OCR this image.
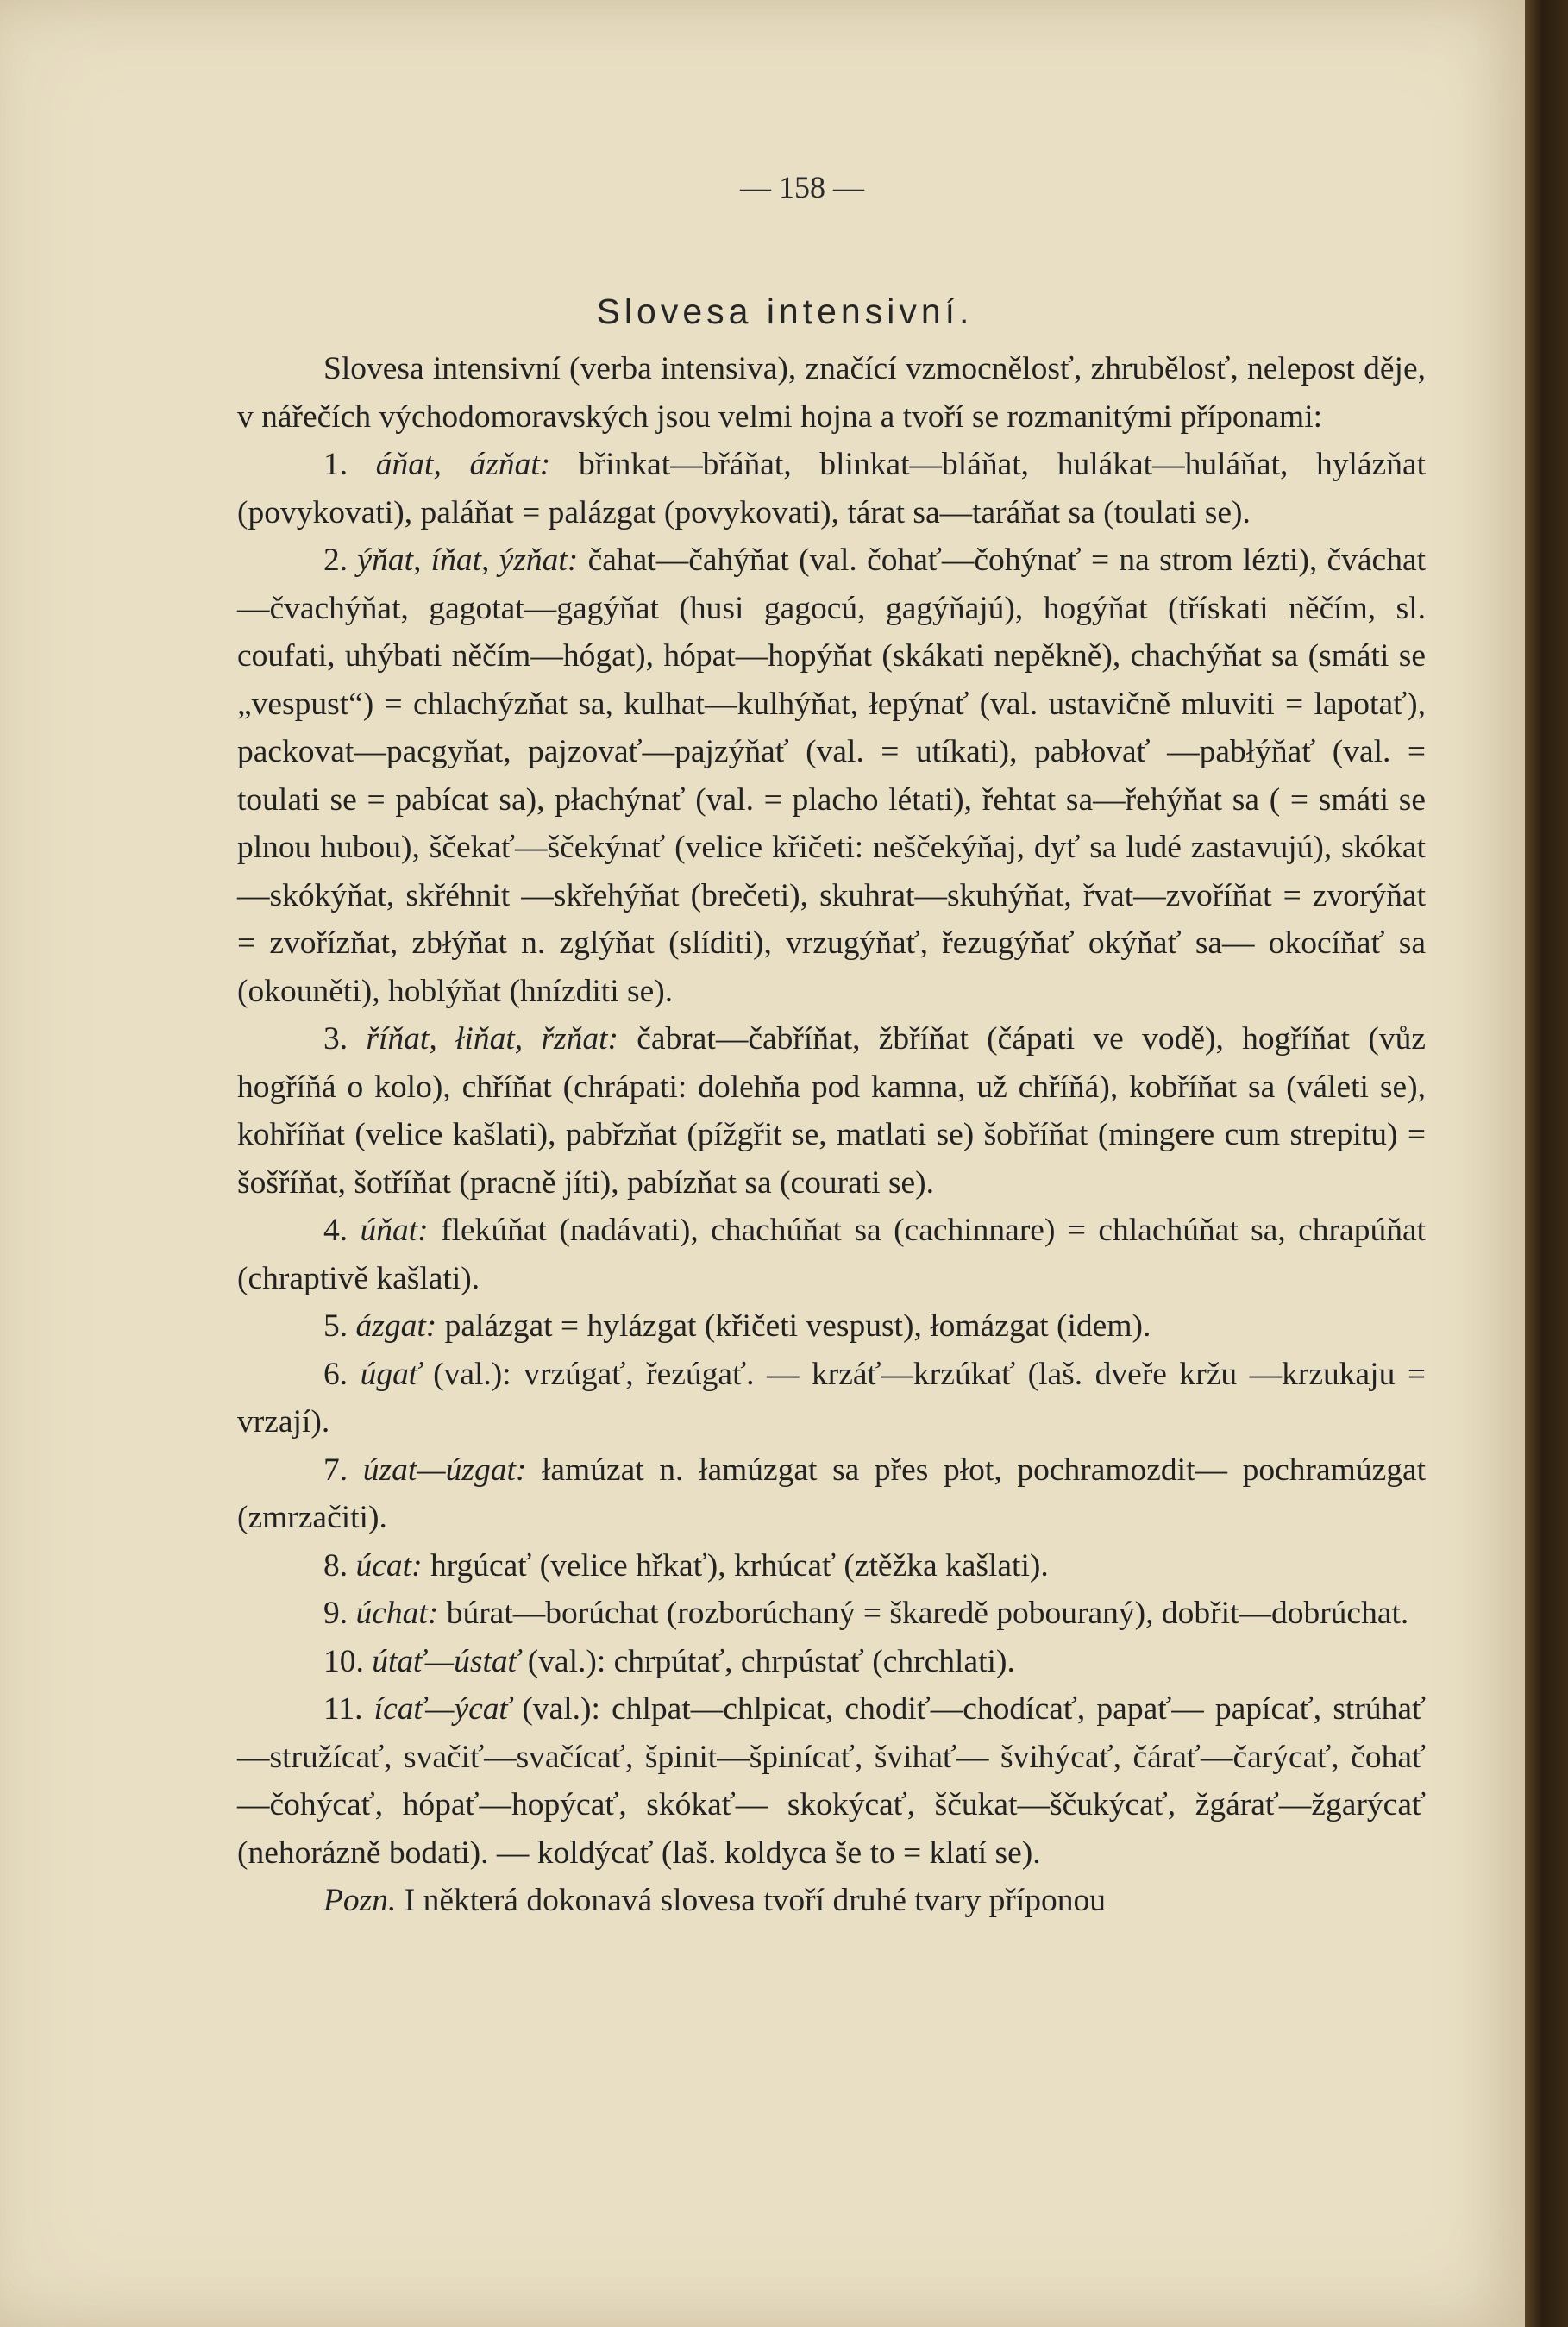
— 158 —
Slovesa intensivní.

Slovesa intensivní (verba intensiva), značící vzmocnělosť, zhrubělosť, nelepost děje, v nářečích východomoravských jsou velmi hojna a tvoří se rozmanitými příponami:

1. áňat, ázňat: břinkat—břáňat, blinkat—bláňat, hulákat—huláňat, hylázňat (povykovati), paláňat = palázgat (povykovati), tárat sa—taráňat sa (toulati se).

2. ýňat, íňat, ýzňat: čahat—čahýňat (val. čohať—čohýnať = na strom lézti), čváchat—čvachýňat, gagotat—gagýňat (husi gagocú, gagýňajú), hogýňat (třískati něčím, sl. coufati, uhýbati něčím—hógat), hópat—hopýňat (skákati nepěkně), chachýňat sa (smáti se „vespust“) = chlachýzňat sa, kulhat—kulhýňat, łepýnať (val. ustavičně mluviti = lapotať), packovat—pacgyňat, pajzovať—pajzýňať (val. = utíkati), pabłovať —pabłýňať (val. = toulati se = pabícat sa), płachýnať (val. = placho létati), řehtat sa—řehýňat sa ( = smáti se plnou hubou), ščekať—ščekýnať (velice křičeti: neščekýňaj, dyť sa ludé zastavujú), skókat—skókýňat, skřéhnit —skřehýňat (brečeti), skuhrat—skuhýňat, řvat—zvoříňat = zvorýňat = zvořízňat, zbłýňat n. zglýňat (slíditi), vrzugýňať, řezugýňať okýňať sa— okocíňať sa (okouněti), hoblýňat (hnízditi se).

3. říňat, łiňat, řzňat: čabrat—čabříňat, žbříňat (čápati ve vodě), hogříňat (vůz hogříňá o kolo), chříňat (chrápati: dolehňa pod kamna, už chříňá), kobříňat sa (váleti se), kohříňat (velice kašlati), pabřzňat (pížgřit se, matlati se) šobříňat (mingere cum strepitu) = šošříňat, šotříňat (pracně jíti), pabízňat sa (courati se).

4. úňat: flekúňat (nadávati), chachúňat sa (cachinnare) = chlachúňat sa, chrapúňat (chraptivě kašlati).

5. ázgat: palázgat = hylázgat (křičeti vespust), łomázgat (idem).

6. úgať (val.): vrzúgať, řezúgať. — krzáť—krzúkať (laš. dveře kržu —krzukaju = vrzají).

7. úzat—úzgat: łamúzat n. łamúzgat sa přes płot, pochramozdit— pochramúzgat (zmrzačiti).

8. úcat: hrgúcať (velice hřkať), krhúcať (ztěžka kašlati).

9. úchat: búrat—borúchat (rozborúchaný = škaredě pobouraný), dobřit—dobrúchat.

10. útať—ústať (val.): chrpútať, chrpústať (chrchlati).

11. ícať—ýcať (val.): chlpat—chlpicat, chodiť—chodícať, papať— papícať, strúhať—stružícať, svačiť—svačícať, špinit—špinícať, švihať— švihýcať, čárať—čarýcať, čohať—čohýcať, hópať—hopýcať, skókať— skokýcať, ščukat—ščukýcať, žgárať—žgarýcať (nehorázně bodati). — koldýcať (laš. koldyca še to = klatí se).

Pozn. I některá dokonavá slovesa tvoří druhé tvary příponou
